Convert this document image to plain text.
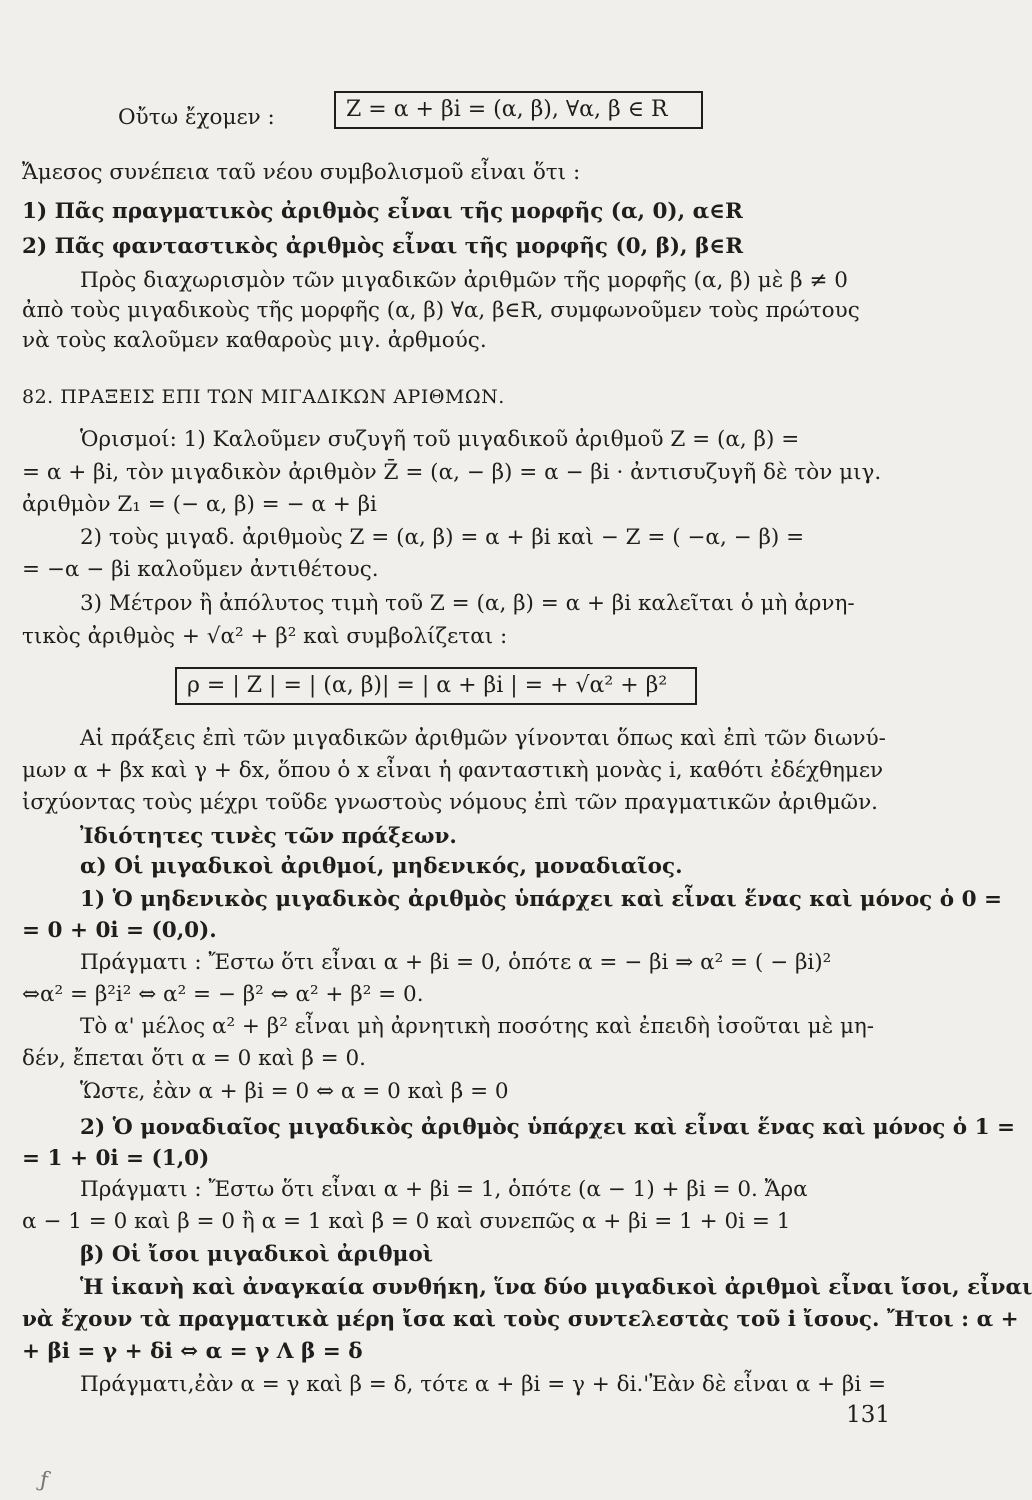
Οὔτω ἔχομεν :	Z = α + βi = (α, β), ∀α, β ∈ R
Ἄμεσος συνέπεια ταῦ νέου συμβολισμοῦ εἶναι ὅτι :
1) Πᾶς πραγματικὸς ἀριθμὸς εἶναι τῆς μορφῆς (α, 0), α∈R
2) Πᾶς φανταστικὸς ἀριθμὸς εἶναι τῆς μορφῆς (0, β), β∈R
Πρὸς διαχωρισμὸν τῶν μιγαδικῶν ἀριθμῶν τῆς μορφῆς (α, β) μὲ β ≠ 0
ἀπὸ τοὺς μιγαδικοὺς τῆς μορφῆς (α, β) ∀α, β∈R, συμφωνοῦμεν τοὺς πρώτους
νὰ τοὺς καλοῦμεν καθαροὺς μιγ. ἀρθμούς.
82. ΠΡΑΞΕΙΣ ΕΠΙ ΤΩΝ ΜΙΓΑΔΙΚΩΝ ΑΡΙΘΜΩΝ.
Ὁρισμοί: 1) Καλοῦμεν συζυγῆ τοῦ μιγαδικοῦ ἀριθμοῦ Z = (α, β) =
= α + βi, τὸν μιγαδικὸν ἀριθμὸν Z̄ = (α, − β) = α − βi · ἀντισυζυγῆ δὲ τὸν μιγ.
ἀριθμὸν Z₁ = (− α, β) = − α + βi
2) τοὺς μιγαδ. ἀριθμοὺς Z = (α, β) = α + βi καὶ − Z = ( −α, − β) =
= −α − βi καλοῦμεν ἀντιθέτους.
3) Μέτρον ἢ ἀπόλυτος τιμὴ τοῦ Z = (α, β) = α + βi καλεῖται ὁ μὴ ἀρνη-
τικὸς ἀριθμὸς + √α² + β² καὶ συμβολίζεται :
ρ = | Z | = | (α, β)| = | α + βi | = + √α² + β²
Αἱ πράξεις ἐπὶ τῶν μιγαδικῶν ἀριθμῶν γίνονται ὅπως καὶ ἐπὶ τῶν διωνύ-
μων α + βx καὶ γ + δx, ὅπου ὁ x εἶναι ἡ φανταστικὴ μονὰς i, καθότι ἐδέχθημεν
ἰσχύοντας τοὺς μέχρι τοῦδε γνωστοὺς νόμους ἐπὶ τῶν πραγματικῶν ἀριθμῶν.
Ἰδιότητες τινὲς τῶν πράξεων.
α) Οἱ μιγαδικοὶ ἀριθμοί, μηδενικός, μοναδιαῖος.
1) Ὁ μηδενικὸς μιγαδικὸς ἀριθμὸς ὑπάρχει καὶ εἶναι ἕνας καὶ μόνος ὁ 0 =
= 0 + 0i = (0,0).
Πράγματι : Ἔστω ὅτι εἶναι α + βi = 0, ὁπότε α = − βi ⇒ α² = ( − βi)²
⇔α² = β²i² ⇔ α² = − β² ⇔ α² + β² = 0.
Τὸ α' μέλος α² + β² εἶναι μὴ ἀρνητικὴ ποσότης καὶ ἐπειδὴ ἰσοῦται μὲ μη-
δέν, ἔπεται ὅτι α = 0 καὶ β = 0.
Ὥστε, ἐὰν α + βi = 0 ⇔ α = 0 καὶ β = 0
2) Ὁ μοναδιαῖος μιγαδικὸς ἀριθμὸς ὑπάρχει καὶ εἶναι ἕνας καὶ μόνος ὁ 1 =
= 1 + 0i = (1,0)
Πράγματι : Ἔστω ὅτι εἶναι α + βi = 1, ὁπότε (α − 1) + βi = 0. Ἄρα
α − 1 = 0 καὶ β = 0 ἢ α = 1 καὶ β = 0 καὶ συνεπῶς α + βi = 1 + 0i = 1
β) Οἱ ἴσοι μιγαδικοὶ ἀριθμοὶ
Ἡ ἱκανὴ καὶ ἀναγκαία συνθήκη, ἵνα δύο μιγαδικοὶ ἀριθμοὶ εἶναι ἴσοι, εἶναι
νὰ ἔχουν τὰ πραγματικὰ μέρη ἴσα καὶ τοὺς συντελεστὰς τοῦ i ἴσους. Ἤτοι : α +
+ βi = γ + δi ⇔ α = γ Λ β = δ
Πράγματι,ἐὰν α = γ καὶ β = δ, τότε α + βi = γ + δi.'Ἐὰν δὲ εἶναι α + βi =
131
ƒ
